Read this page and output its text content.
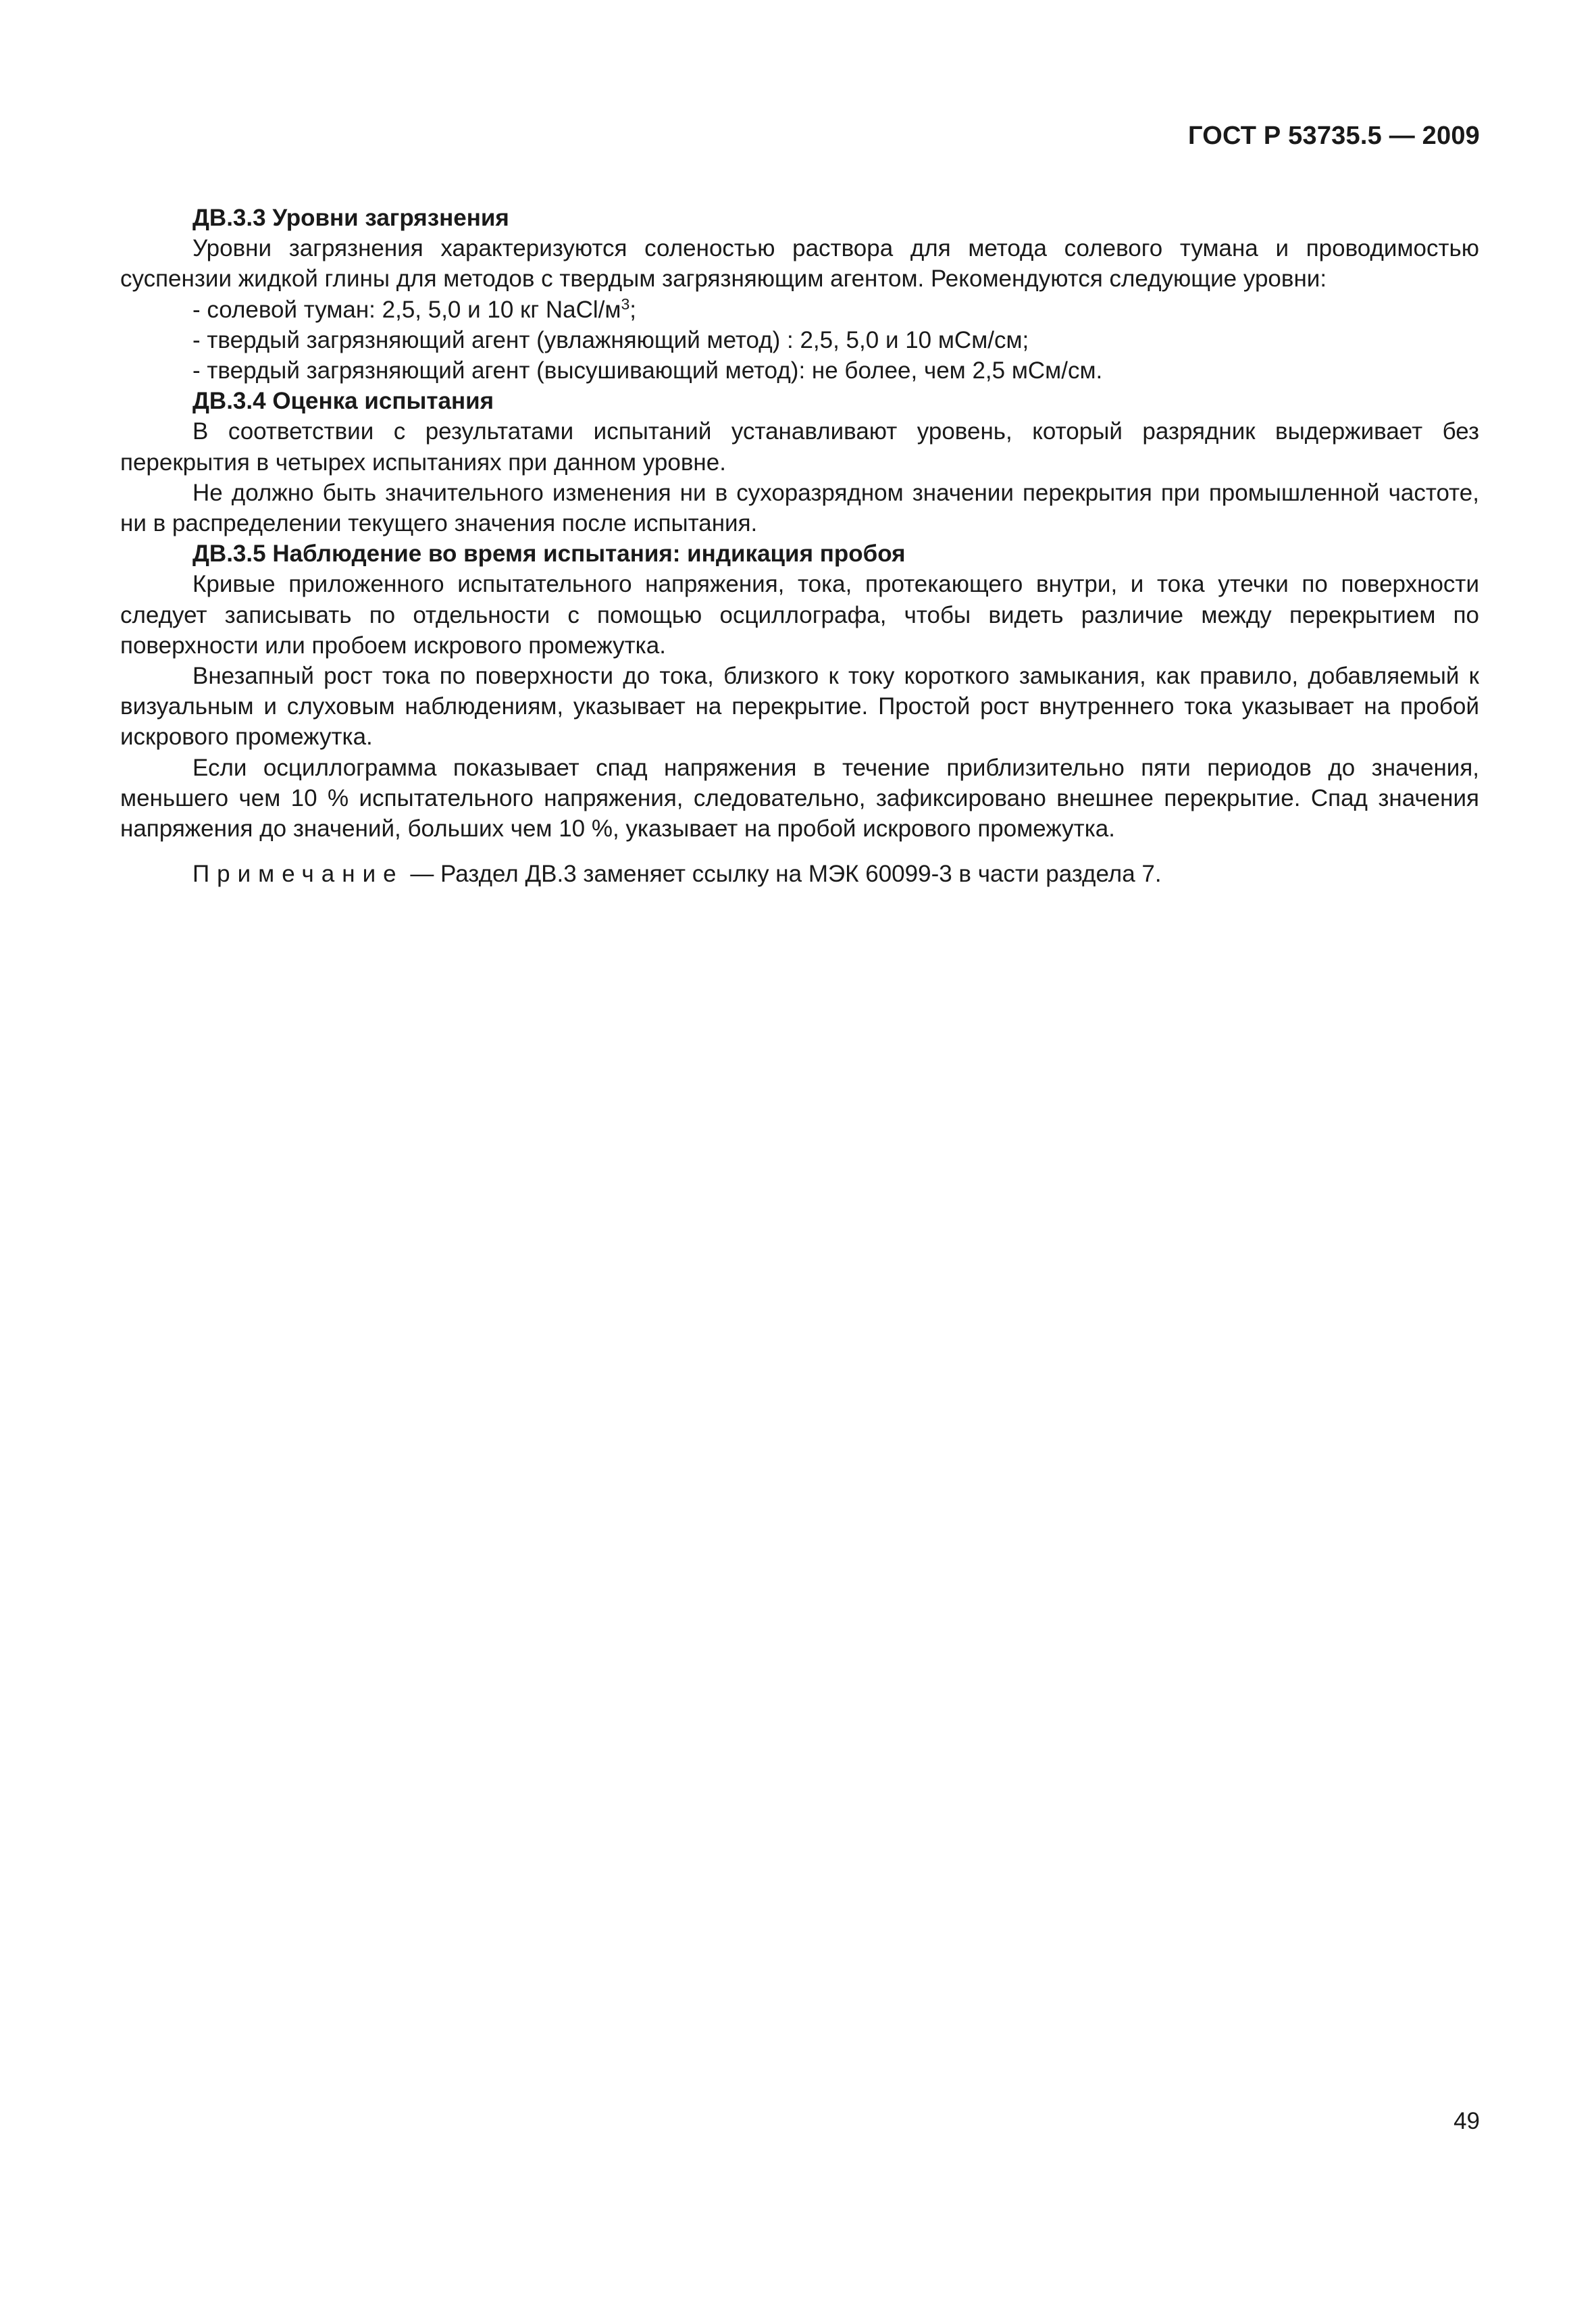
ГОСТ Р 53735.5 — 2009
ДВ.3.3 Уровни загрязнения

Уровни загрязнения характеризуются соленостью раствора для метода солевого тумана и проводимостью суспензии жидкой глины для методов с твердым загрязняющим агентом. Рекомендуются следующие уровни:

- солевой туман: 2,5, 5,0 и 10 кг NaCl/$м^3$;
- твердый загрязняющий агент (увлажняющий метод) : 2,5, 5,0 и 10 мСм/см;
- твердый загрязняющий агент (высушивающий метод): не более, чем 2,5 мСм/см.
ДВ.3.4 Оценка испытания

В соответствии с результатами испытаний устанавливают уровень, который разрядник выдерживает без перекрытия в четырех испытаниях при данном уровне.

Не должно быть значительного изменения ни в сухоразрядном значении перекрытия при промышленной частоте, ни в распределении текущего значения после испытания.

ДВ.3.5 Наблюдение во время испытания: индикация пробоя

Кривые приложенного испытательного напряжения, тока, протекающего внутри, и тока утечки по поверхности следует записывать по отдельности с помощью осциллографа, чтобы видеть различие между перекрытием по поверхности или пробоем искрового промежутка.

Внезапный рост тока по поверхности до тока, близкого к току короткого замыкания, как правило, добавляемый к визуальным и слуховым наблюдениям, указывает на перекрытие. Простой рост внутреннего тока указывает на пробой искрового промежутка.

Если осциллограмма показывает спад напряжения в течение приблизительно пяти периодов до значения, меньшего чем 10 % испытательного напряжения, следовательно, зафиксировано внешнее перекрытие. Спад значения напряжения до значений, больших чем 10 %, указывает на пробой искрового промежутка.

Примечание — Раздел ДВ.3 заменяет ссылку на МЭК 60099-3 в части раздела 7.
49
